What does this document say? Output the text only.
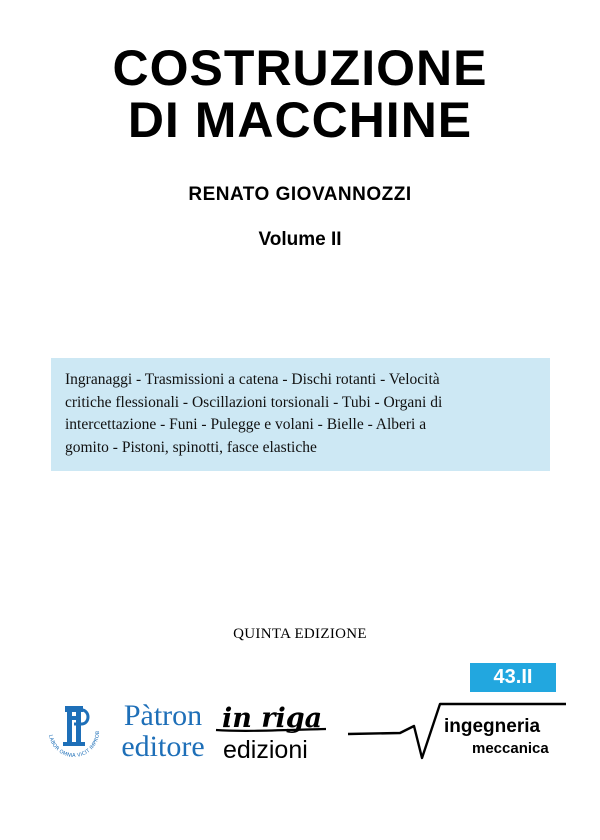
COSTRUZIONE
DI MACCHINE
RENATO GIOVANNOZZI
Volume II
Ingranaggi - Trasmissioni a catena - Dischi rotanti - Velocità
critiche flessionali - Oscillazioni torsionali - Tubi - Organi di
intercettazione - Funi - Pulegge e volani - Bielle - Alberi a
gomito - Pistoni, spinotti, fasce elastiche
QUINTA EDIZIONE
43.II
LABOR OMNIA VICIT IMPROB
Pàtron
editore
in riga
edizioni
ingegneria
meccanica
